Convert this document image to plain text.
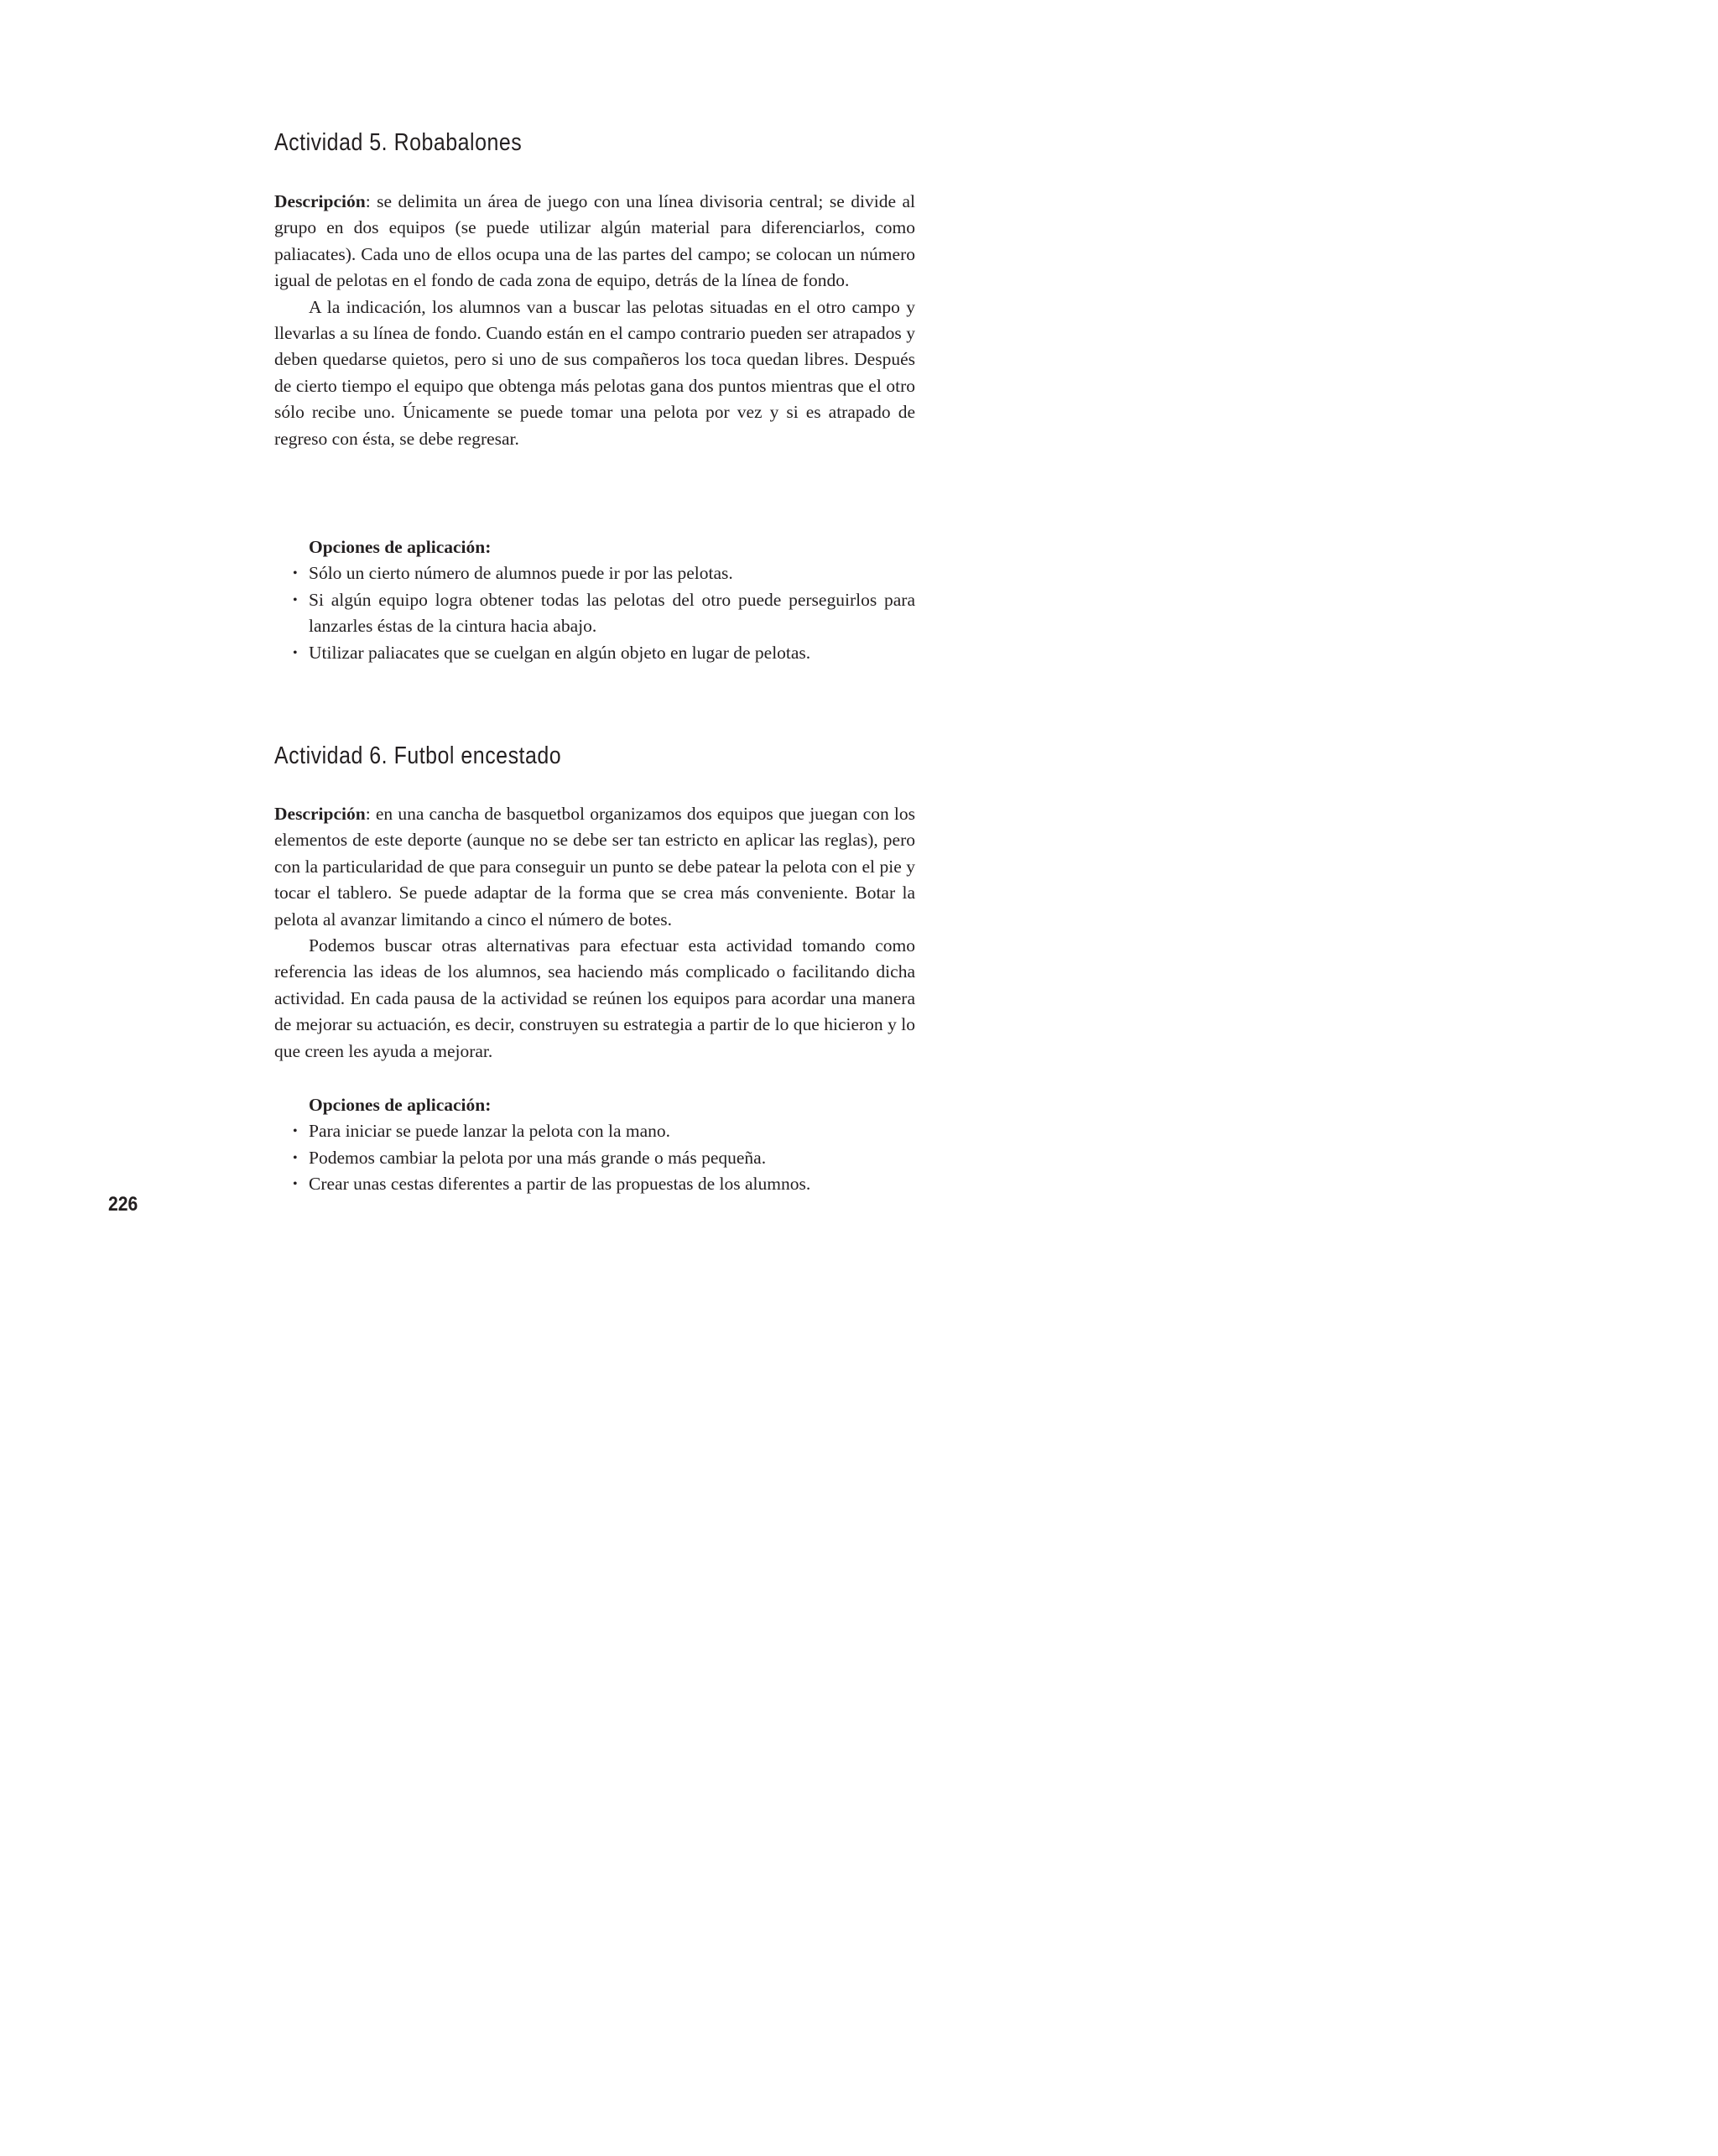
Actividad 5. Robabalones

Descripción: se delimita un área de juego con una línea divisoria central; se divide al grupo en dos equipos (se puede utilizar algún material para diferenciarlos, como paliacates). Cada uno de ellos ocupa una de las partes del campo; se colocan un número igual de pelotas en el fondo de cada zona de equipo, detrás de la línea de fondo.

A la indicación, los alumnos van a buscar las pelotas situadas en el otro campo y llevarlas a su línea de fondo. Cuando están en el campo contrario pueden ser atrapados y deben quedarse quietos, pero si uno de sus compañeros los toca quedan libres. Después de cierto tiempo el equipo que obtenga más pelotas gana dos puntos mientras que el otro sólo recibe uno. Únicamente se puede tomar una pelota por vez y si es atrapado de regreso con ésta, se debe regresar.

Opciones de aplicación:

• Sólo un cierto número de alumnos puede ir por las pelotas.
• Si algún equipo logra obtener todas las pelotas del otro puede perseguirlos para lanzarles éstas de la cintura hacia abajo.
• Utilizar paliacates que se cuelgan en algún objeto en lugar de pelotas.
Actividad 6. Futbol encestado

Descripción: en una cancha de basquetbol organizamos dos equipos que juegan con los elementos de este deporte (aunque no se debe ser tan estricto en aplicar las reglas), pero con la particularidad de que para conseguir un punto se debe patear la pelota con el pie y tocar el tablero. Se puede adaptar de la forma que se crea más conveniente. Botar la pelota al avanzar limitando a cinco el número de botes.

Podemos buscar otras alternativas para efectuar esta actividad tomando como referencia las ideas de los alumnos, sea haciendo más complicado o facilitando dicha actividad. En cada pausa de la actividad se reúnen los equipos para acordar una manera de mejorar su actuación, es decir, construyen su estrategia a partir de lo que hicieron y lo que creen les ayuda a mejorar.

Opciones de aplicación:

• Para iniciar se puede lanzar la pelota con la mano.
• Podemos cambiar la pelota por una más grande o más pequeña.
• Crear unas cestas diferentes a partir de las propuestas de los alumnos.
226
